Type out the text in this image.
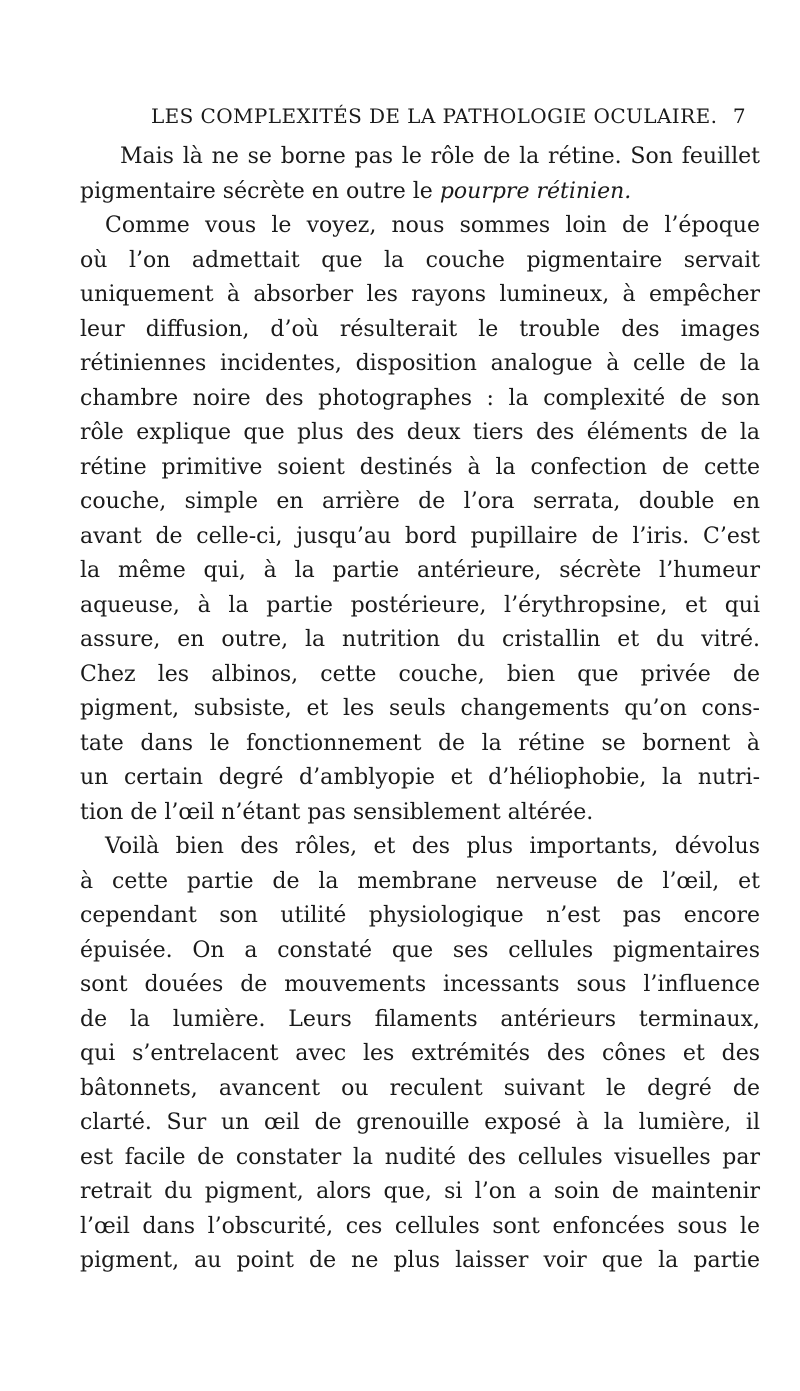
LES COMPLEXITÉS DE LA PATHOLOGIE OCULAIRE. 7
Mais là ne se borne pas le rôle de la rétine. Son feuillet
pigmentaire sécrète en outre le pourpre rétinien.
Comme vous le voyez, nous sommes loin de l’époque
où l’on admettait que la couche pigmentaire servait
uniquement à absorber les rayons lumineux, à empêcher
leur diffusion, d’où résulterait le trouble des images
rétiniennes incidentes, disposition analogue à celle de la
chambre noire des photographes : la complexité de son
rôle explique que plus des deux tiers des éléments de la
rétine primitive soient destinés à la confection de cette
couche, simple en arrière de l’ora serrata, double en
avant de celle-ci, jusqu’au bord pupillaire de l’iris. C’est
la même qui, à la partie antérieure, sécrète l’humeur
aqueuse, à la partie postérieure, l’érythropsine, et qui
assure, en outre, la nutrition du cristallin et du vitré.
Chez les albinos, cette couche, bien que privée de
pigment, subsiste, et les seuls changements qu’on cons-
tate dans le fonctionnement de la rétine se bornent à
un certain degré d’amblyopie et d’héliophobie, la nutri-
tion de l’œil n’étant pas sensiblement altérée.
Voilà bien des rôles, et des plus importants, dévolus
à cette partie de la membrane nerveuse de l’œil, et
cependant son utilité physiologique n’est pas encore
épuisée. On a constaté que ses cellules pigmentaires
sont douées de mouvements incessants sous l’influence
de la lumière. Leurs filaments antérieurs terminaux,
qui s’entrelacent avec les extrémités des cônes et des
bâtonnets, avancent ou reculent suivant le degré de
clarté. Sur un œil de grenouille exposé à la lumière, il
est facile de constater la nudité des cellules visuelles par
retrait du pigment, alors que, si l’on a soin de maintenir
l’œil dans l’obscurité, ces cellules sont enfoncées sous le
pigment, au point de ne plus laisser voir que la partie
